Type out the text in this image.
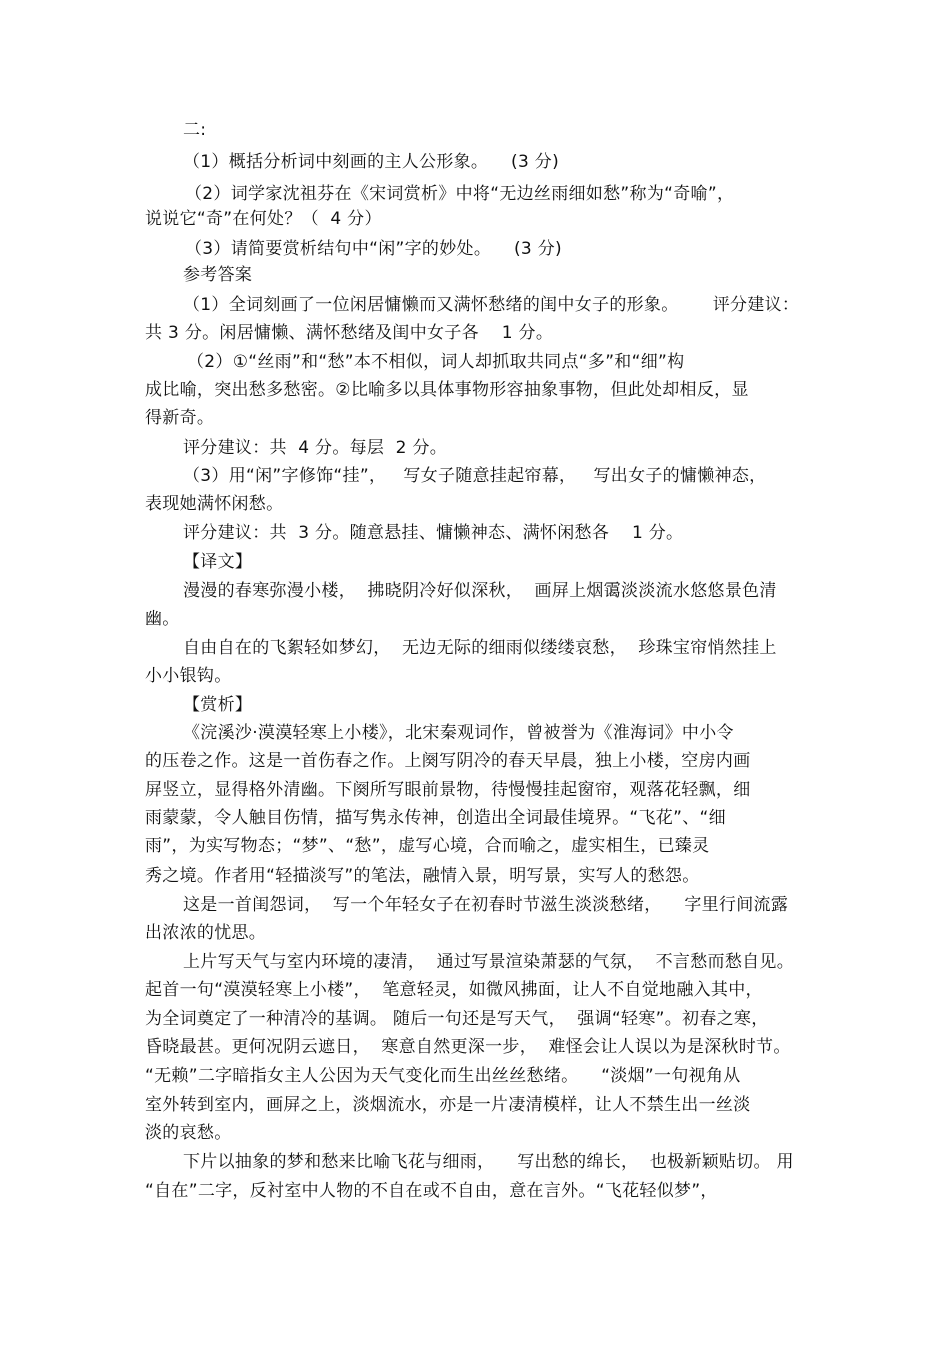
二:
（1）概括分析词中刻画的主人公形象。    (3 分)
（2）词学家沈祖芬在《宋词赏析》中将“无边丝雨细如愁”称为“奇喻”，
说说它“奇”在何处？（  4 分）
（3）请简要赏析结句中“闲”字的妙处。    (3 分)
参考答案
（1）全词刻画了一位闲居慵懒而又满怀愁绪的闺中女子的形象。      评分建议：
共 3 分。闲居慵懒、满怀愁绪及闺中女子各    1 分。
（2）①“丝雨”和“愁”本不相似，词人却抓取共同点“多”和“细”构
成比喻，突出愁多愁密。②比喻多以具体事物形容抽象事物，但此处却相反，显
得新奇。
评分建议：共  4 分。每层  2 分。
（3）用“闲”字修饰“挂”，   写女子随意挂起帘幕，   写出女子的慵懒神态，
表现她满怀闲愁。
评分建议：共  3 分。随意悬挂、慵懒神态、满怀闲愁各    1 分。
【译文】
漫漫的春寒弥漫小楼，  拂晓阴冷好似深秋，  画屏上烟霭淡淡流水悠悠景色清
幽。
自由自在的飞絮轻如梦幻，  无边无际的细雨似缕缕哀愁，  珍珠宝帘悄然挂上
小小银钩。
【赏析】
《浣溪沙·漠漠轻寒上小楼》，北宋秦观词作，曾被誉为《淮海词》中小令
的压卷之作。这是一首伤春之作。上阕写阴冷的春天早晨，独上小楼，空房内画
屏竖立，显得格外清幽。下阕所写眼前景物，待慢慢挂起窗帘，观落花轻飘，细
雨蒙蒙，令人触目伤情，描写隽永传神，创造出全词最佳境界。“飞花”、“细
雨”，为实写物态；“梦”、“愁”，虚写心境，合而喻之，虚实相生，已臻灵
秀之境。作者用“轻描淡写”的笔法，融情入景，明写景，实写人的愁怨。
这是一首闺怨词，  写一个年轻女子在初春时节滋生淡淡愁绪，    字里行间流露
出浓浓的忧思。
上片写天气与室内环境的凄清，  通过写景渲染萧瑟的气氛，  不言愁而愁自见。
起首一句“漠漠轻寒上小楼”，  笔意轻灵，如微风拂面，让人不自觉地融入其中，
为全词奠定了一种清冷的基调。 随后一句还是写天气，  强调“轻寒”。初春之寒，
昏晓最甚。更何况阴云遮日，  寒意自然更深一步，  难怪会让人误以为是深秋时节。
“无赖”二字暗指女主人公因为天气变化而生出丝丝愁绪。    “淡烟”一句视角从
室外转到室内，画屏之上，淡烟流水，亦是一片凄清模样，让人不禁生出一丝淡
淡的哀愁。
下片以抽象的梦和愁来比喻飞花与细雨，    写出愁的绵长，  也极新颖贴切。 用
“自在”二字，反衬室中人物的不自在或不自由，意在言外。“飞花轻似梦”，
